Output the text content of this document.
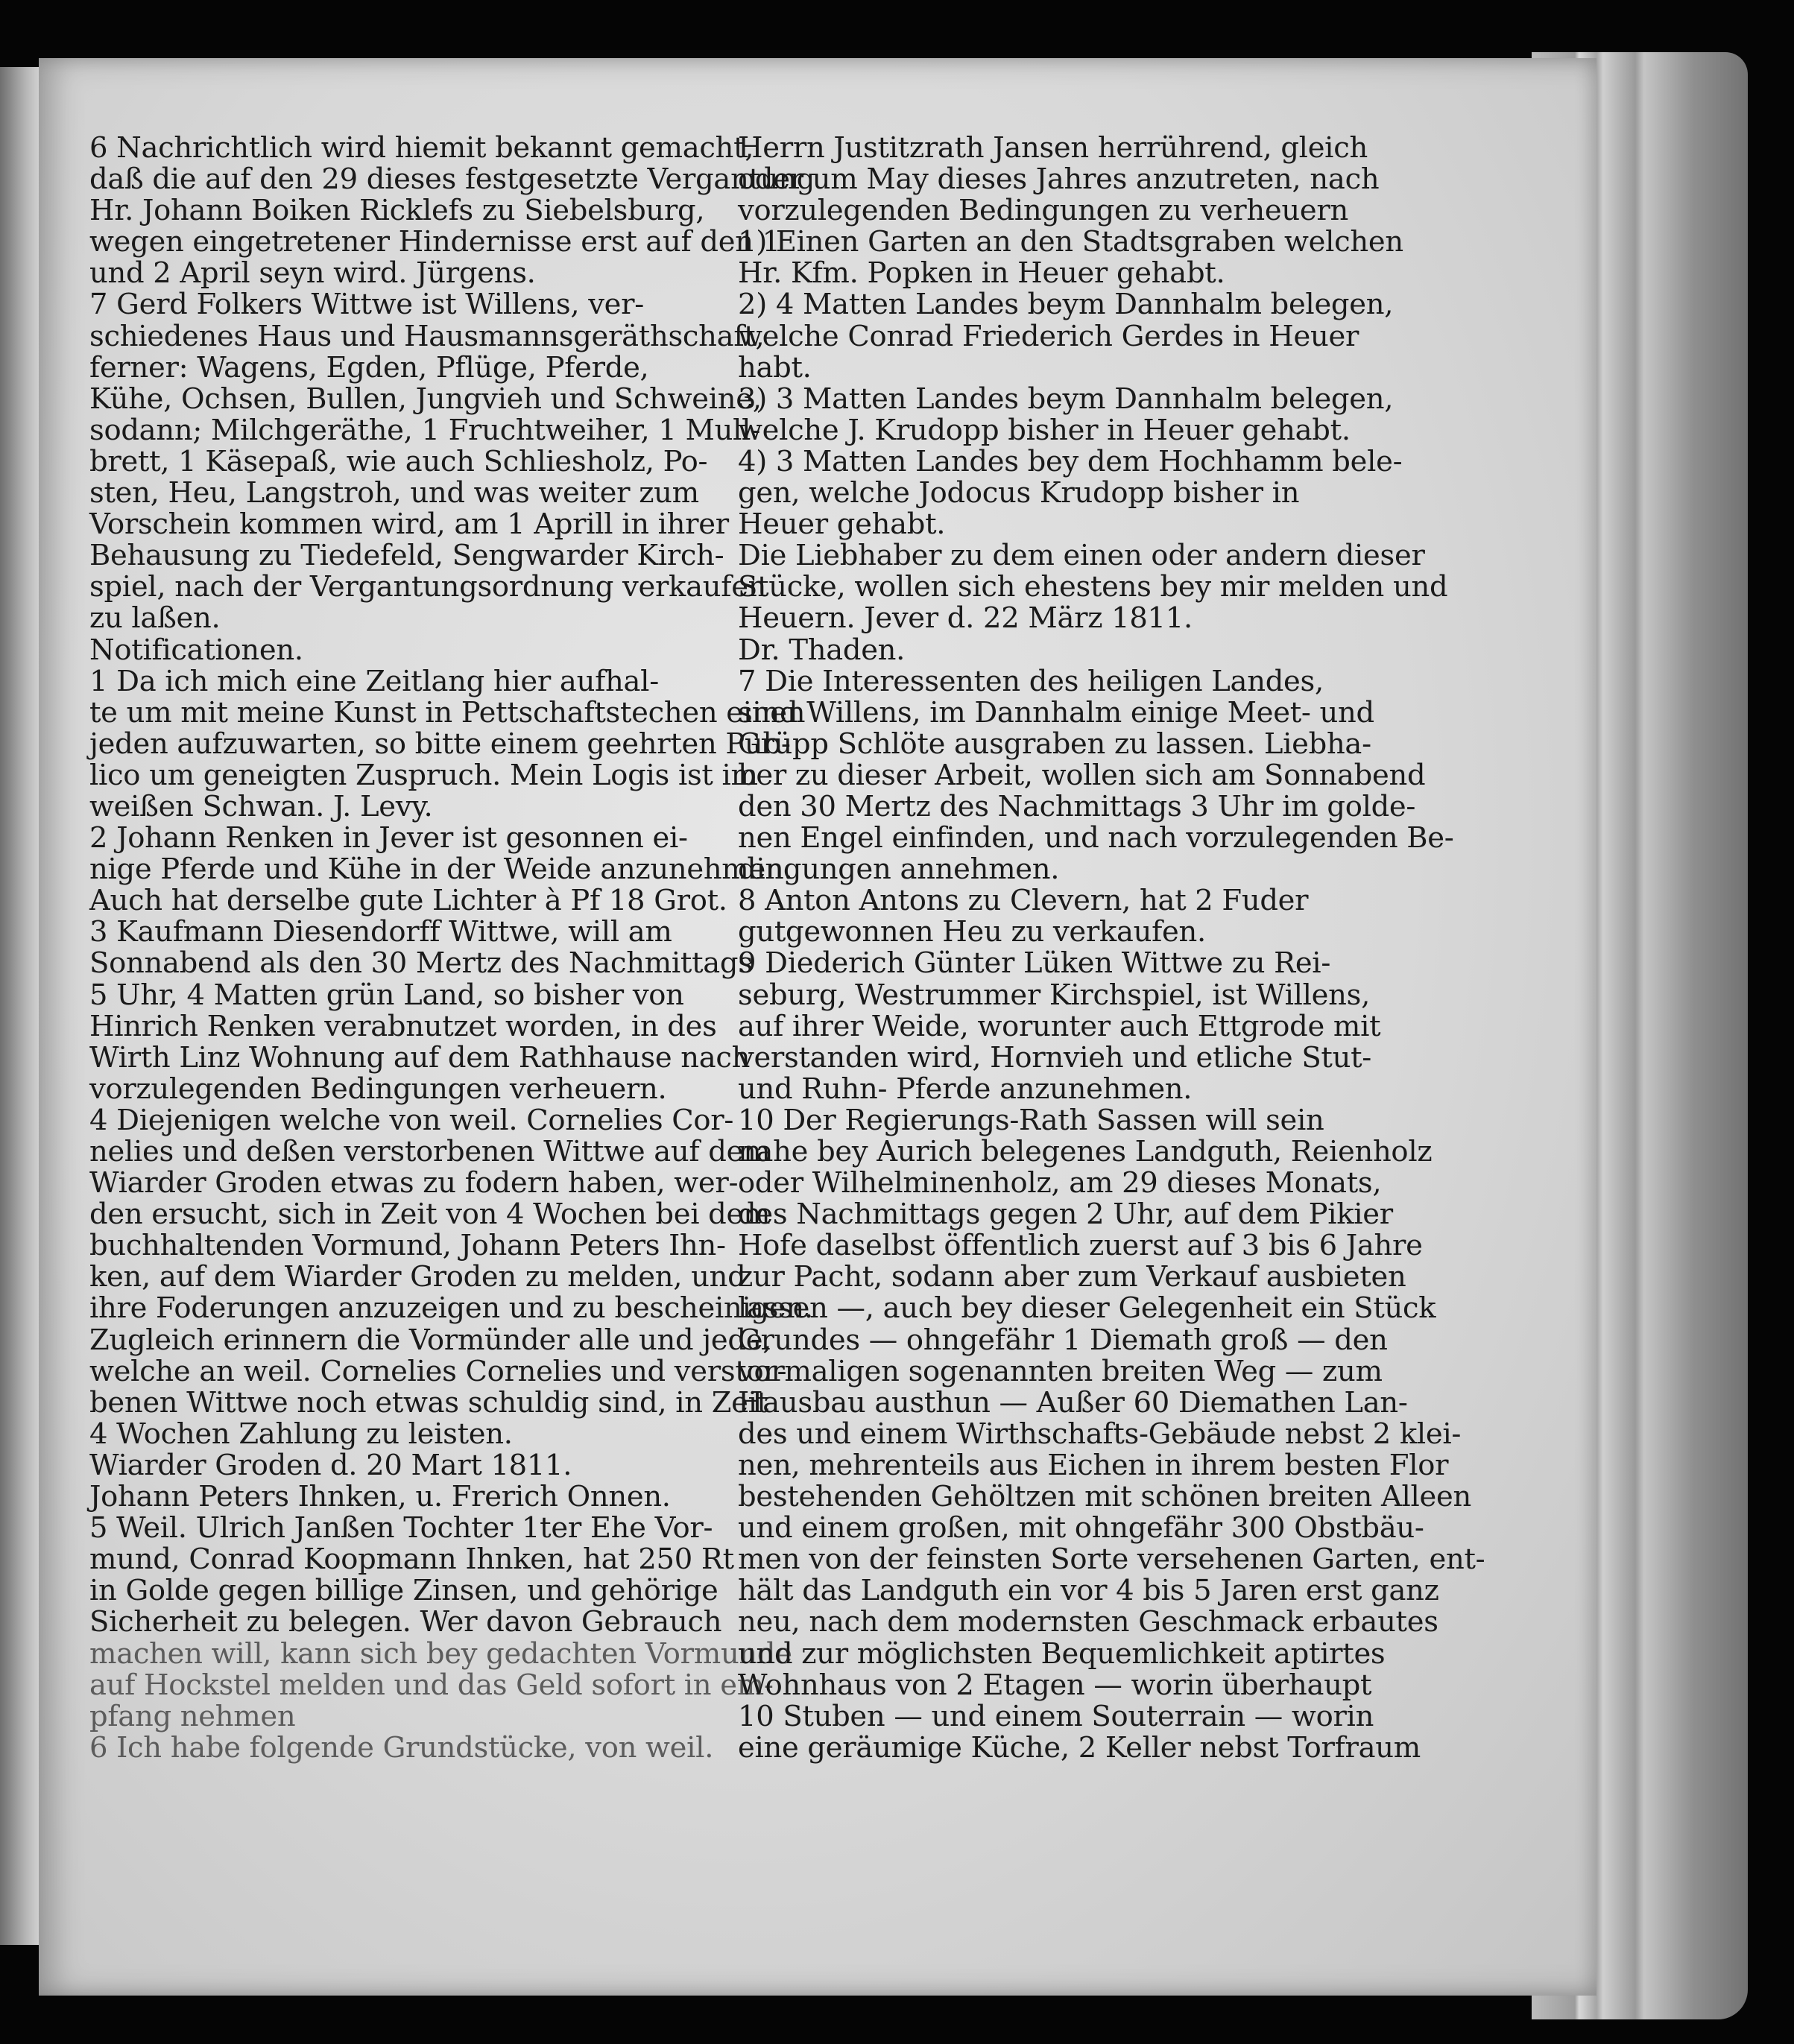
6 Nachrichtlich wird hiemit bekannt gemacht,
daß die auf den 29 dieses festgesetzte Vergantung
Hr. Johann Boiken Ricklefs zu Siebelsburg,
wegen eingetretener Hindernisse erst auf den 1
und 2 April seyn wird. Jürgens.
7 Gerd Folkers Wittwe ist Willens, ver-
schiedenes Haus und Hausmannsgeräthschaft,
ferner: Wagens, Egden, Pflüge, Pferde,
Kühe, Ochsen, Bullen, Jungvieh und Schweine,
sodann; Milchgeräthe, 1 Fruchtweiher, 1 Mull-
brett, 1 Käsepaß, wie auch Schliesholz, Po-
sten, Heu, Langstroh, und was weiter zum
Vorschein kommen wird, am 1 Aprill in ihrer
Behausung zu Tiedefeld, Sengwarder Kirch-
spiel, nach der Vergantungsordnung verkaufen
zu laßen.
Notificationen.
1 Da ich mich eine Zeitlang hier aufhal-
te um mit meine Kunst in Pettschaftstechen einen
jeden aufzuwarten, so bitte einem geehrten Pub-
lico um geneigten Zuspruch. Mein Logis ist im
weißen Schwan. J. Levy.
2 Johann Renken in Jever ist gesonnen ei-
nige Pferde und Kühe in der Weide anzunehmen.
Auch hat derselbe gute Lichter à Pf 18 Grot.
3 Kaufmann Diesendorff Wittwe, will am
Sonnabend als den 30 Mertz des Nachmittags
5 Uhr, 4 Matten grün Land, so bisher von
Hinrich Renken verabnutzet worden, in des
Wirth Linz Wohnung auf dem Rathhause nach
vorzulegenden Bedingungen verheuern.
4 Diejenigen welche von weil. Cornelies Cor-
nelies und deßen verstorbenen Wittwe auf dem
Wiarder Groden etwas zu fodern haben, wer-
den ersucht, sich in Zeit von 4 Wochen bei dem
buchhaltenden Vormund, Johann Peters Ihn-
ken, auf dem Wiarder Groden zu melden, und
ihre Foderungen anzuzeigen und zu bescheinigen.
Zugleich erinnern die Vormünder alle und jede,
welche an weil. Cornelies Cornelies und verstor-
benen Wittwe noch etwas schuldig sind, in Zeit
4 Wochen Zahlung zu leisten.
Wiarder Groden d. 20 Mart 1811.
Johann Peters Ihnken, u. Frerich Onnen.
5 Weil. Ulrich Janßen Tochter 1ter Ehe Vor-
mund, Conrad Koopmann Ihnken, hat 250 Rt
in Golde gegen billige Zinsen, und gehörige
Sicherheit zu belegen. Wer davon Gebrauch
machen will, kann sich bey gedachten Vormunde
auf Hockstel melden und das Geld sofort in em-
pfang nehmen
6 Ich habe folgende Grundstücke, von weil.
Herrn Justitzrath Jansen herrührend, gleich
oder um May dieses Jahres anzutreten, nach
vorzulegenden Bedingungen zu verheuern
1) Einen Garten an den Stadtsgraben welchen
Hr. Kfm. Popken in Heuer gehabt.
2) 4 Matten Landes beym Dannhalm belegen,
welche Conrad Friederich Gerdes in Heuer
habt.
3) 3 Matten Landes beym Dannhalm belegen,
welche J. Krudopp bisher in Heuer gehabt.
4) 3 Matten Landes bey dem Hochhamm bele-
gen, welche Jodocus Krudopp bisher in
Heuer gehabt.
Die Liebhaber zu dem einen oder andern dieser
Stücke, wollen sich ehestens bey mir melden und
Heuern. Jever d. 22 März 1811.
Dr. Thaden.
7 Die Interessenten des heiligen Landes,
sind Willens, im Dannhalm einige Meet- und
Grüpp Schlöte ausgraben zu lassen. Liebha-
ber zu dieser Arbeit, wollen sich am Sonnabend
den 30 Mertz des Nachmittags 3 Uhr im golde-
nen Engel einfinden, und nach vorzulegenden Be-
dingungen annehmen.
8 Anton Antons zu Clevern, hat 2 Fuder
gutgewonnen Heu zu verkaufen.
9 Diederich Günter Lüken Wittwe zu Rei-
seburg, Westrummer Kirchspiel, ist Willens,
auf ihrer Weide, worunter auch Ettgrode mit
verstanden wird, Hornvieh und etliche Stut-
und Ruhn- Pferde anzunehmen.
10 Der Regierungs-Rath Sassen will sein
nahe bey Aurich belegenes Landguth, Reienholz
oder Wilhelminenholz, am 29 dieses Monats,
des Nachmittags gegen 2 Uhr, auf dem Pikier
Hofe daselbst öffentlich zuerst auf 3 bis 6 Jahre
zur Pacht, sodann aber zum Verkauf ausbieten
lassen —, auch bey dieser Gelegenheit ein Stück
Grundes — ohngefähr 1 Diemath groß — den
vormaligen sogenannten breiten Weg — zum
Hausbau austhun — Außer 60 Diemathen Lan-
des und einem Wirthschafts-Gebäude nebst 2 klei-
nen, mehrenteils aus Eichen in ihrem besten Flor
bestehenden Gehöltzen mit schönen breiten Alleen
und einem großen, mit ohngefähr 300 Obstbäu-
men von der feinsten Sorte versehenen Garten, ent-
hält das Landguth ein vor 4 bis 5 Jaren erst ganz
neu, nach dem modernsten Geschmack erbautes
und zur möglichsten Bequemlichkeit aptirtes
Wohnhaus von 2 Etagen — worin überhaupt
10 Stuben — und einem Souterrain — worin
eine geräumige Küche, 2 Keller nebst Torfraum
